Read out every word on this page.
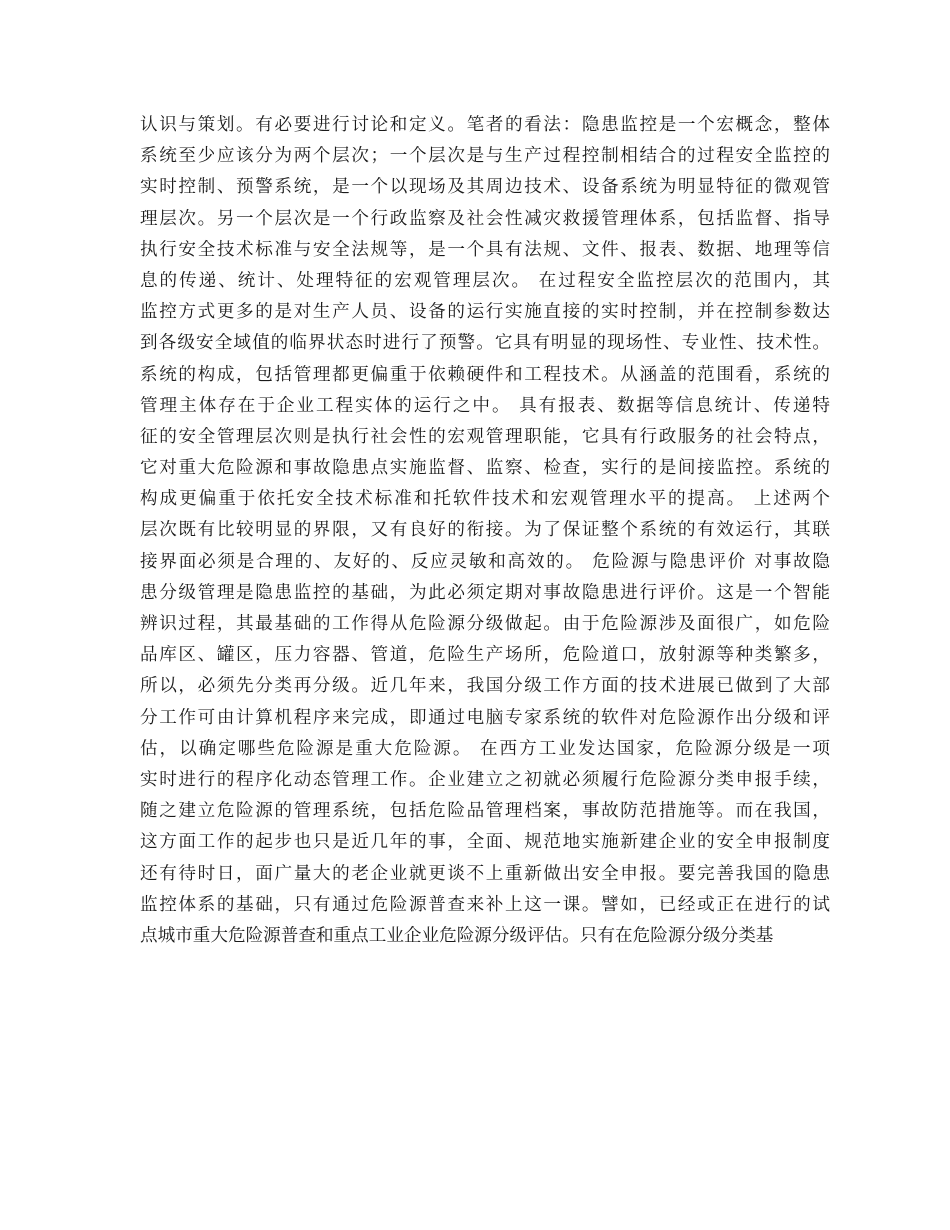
认识与策划。有必要进行讨论和定义。笔者的看法：隐患监控是一个宏概念，整体
系统至少应该分为两个层次；一个层次是与生产过程控制相结合的过程安全监控的
实时控制、预警系统，是一个以现场及其周边技术、设备系统为明显特征的微观管
理层次。另一个层次是一个行政监察及社会性减灾救援管理体系，包括监督、指导
执行安全技术标准与安全法规等，是一个具有法规、文件、报表、数据、地理等信
息的传递、统计、处理特征的宏观管理层次。 在过程安全监控层次的范围内，其
监控方式更多的是对生产人员、设备的运行实施直接的实时控制，并在控制参数达
到各级安全域值的临界状态时进行了预警。它具有明显的现场性、专业性、技术性。
系统的构成，包括管理都更偏重于依赖硬件和工程技术。从涵盖的范围看，系统的
管理主体存在于企业工程实体的运行之中。 具有报表、数据等信息统计、传递特
征的安全管理层次则是执行社会性的宏观管理职能，它具有行政服务的社会特点，
它对重大危险源和事故隐患点实施监督、监察、检查，实行的是间接监控。系统的
构成更偏重于依托安全技术标准和托软件技术和宏观管理水平的提高。 上述两个
层次既有比较明显的界限，又有良好的衔接。为了保证整个系统的有效运行，其联
接界面必须是合理的、友好的、反应灵敏和高效的。 危险源与隐患评价 对事故隐
患分级管理是隐患监控的基础，为此必须定期对事故隐患进行评价。这是一个智能
辨识过程，其最基础的工作得从危险源分级做起。由于危险源涉及面很广，如危险
品库区、罐区，压力容器、管道，危险生产场所，危险道口，放射源等种类繁多，
所以，必须先分类再分级。近几年来，我国分级工作方面的技术进展已做到了大部
分工作可由计算机程序来完成，即通过电脑专家系统的软件对危险源作出分级和评
估，以确定哪些危险源是重大危险源。 在西方工业发达国家，危险源分级是一项
实时进行的程序化动态管理工作。企业建立之初就必须履行危险源分类申报手续，
随之建立危险源的管理系统，包括危险品管理档案，事故防范措施等。而在我国，
这方面工作的起步也只是近几年的事，全面、规范地实施新建企业的安全申报制度
还有待时日，面广量大的老企业就更谈不上重新做出安全申报。要完善我国的隐患
监控体系的基础，只有通过危险源普查来补上这一课。譬如，已经或正在进行的试
点城市重大危险源普查和重点工业企业危险源分级评估。只有在危险源分级分类基
